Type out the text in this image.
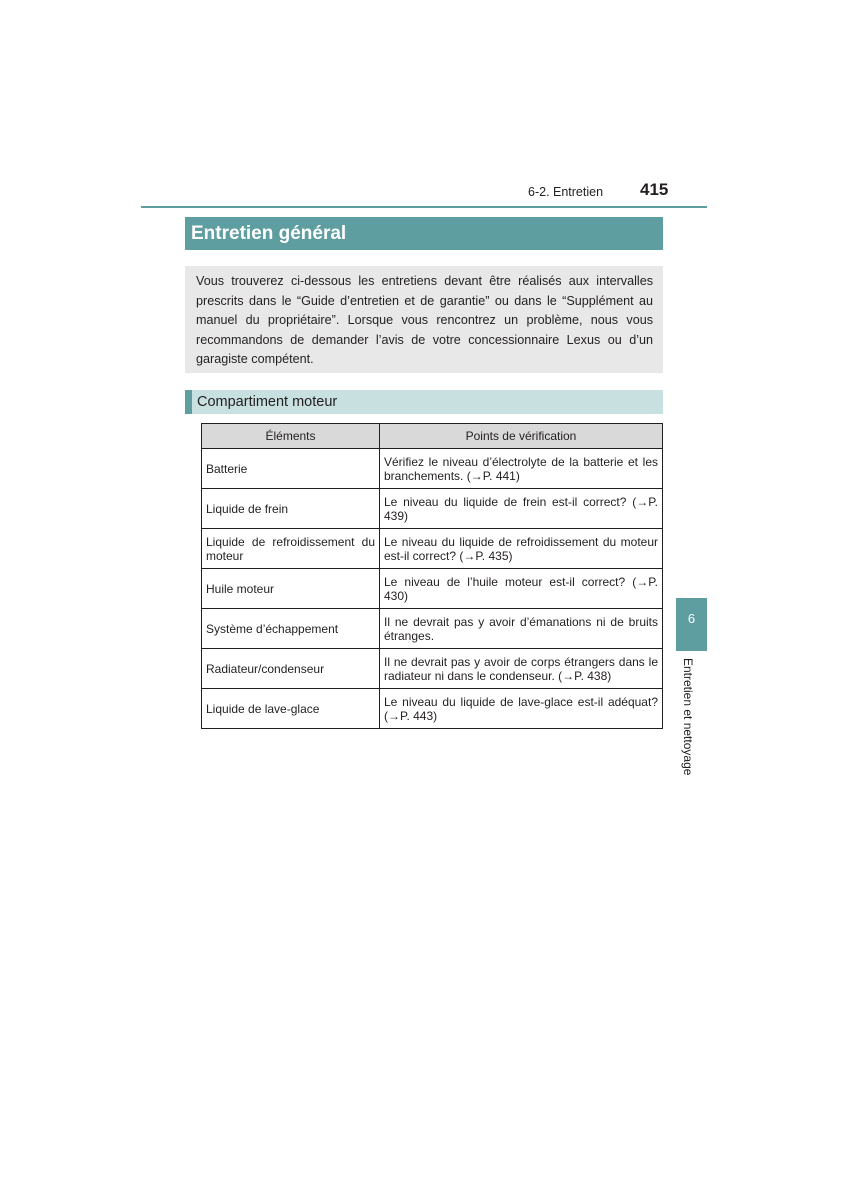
6-2. Entretien 415
Entretien général
Vous trouverez ci-dessous les entretiens devant être réalisés aux intervalles prescrits dans le “Guide d’entretien et de garantie” ou dans le “Supplément au manuel du propriétaire”. Lorsque vous rencontrez un problème, nous vous recommandons de demander l’avis de votre concessionnaire Lexus ou d’un garagiste compétent.
Compartiment moteur
Éléments	Points de vérification
Batterie	Vérifiez le niveau d’électrolyte de la batterie et les branchements. (→P. 441)
Liquide de frein	Le niveau du liquide de frein est-il correct? (→P. 439)
Liquide de refroidissement du moteur	Le niveau du liquide de refroidissement du moteur est-il correct? (→P. 435)
Huile moteur	Le niveau de l’huile moteur est-il correct? (→P. 430)
Système d’échappement	Il ne devrait pas y avoir d’émanations ni de bruits étranges.
Radiateur/condenseur	Il ne devrait pas y avoir de corps étrangers dans le radiateur ni dans le condenseur. (→P. 438)
Liquide de lave-glace	Le niveau du liquide de lave-glace est-il adéquat? (→P. 443)
6
Entretien et nettoyage
